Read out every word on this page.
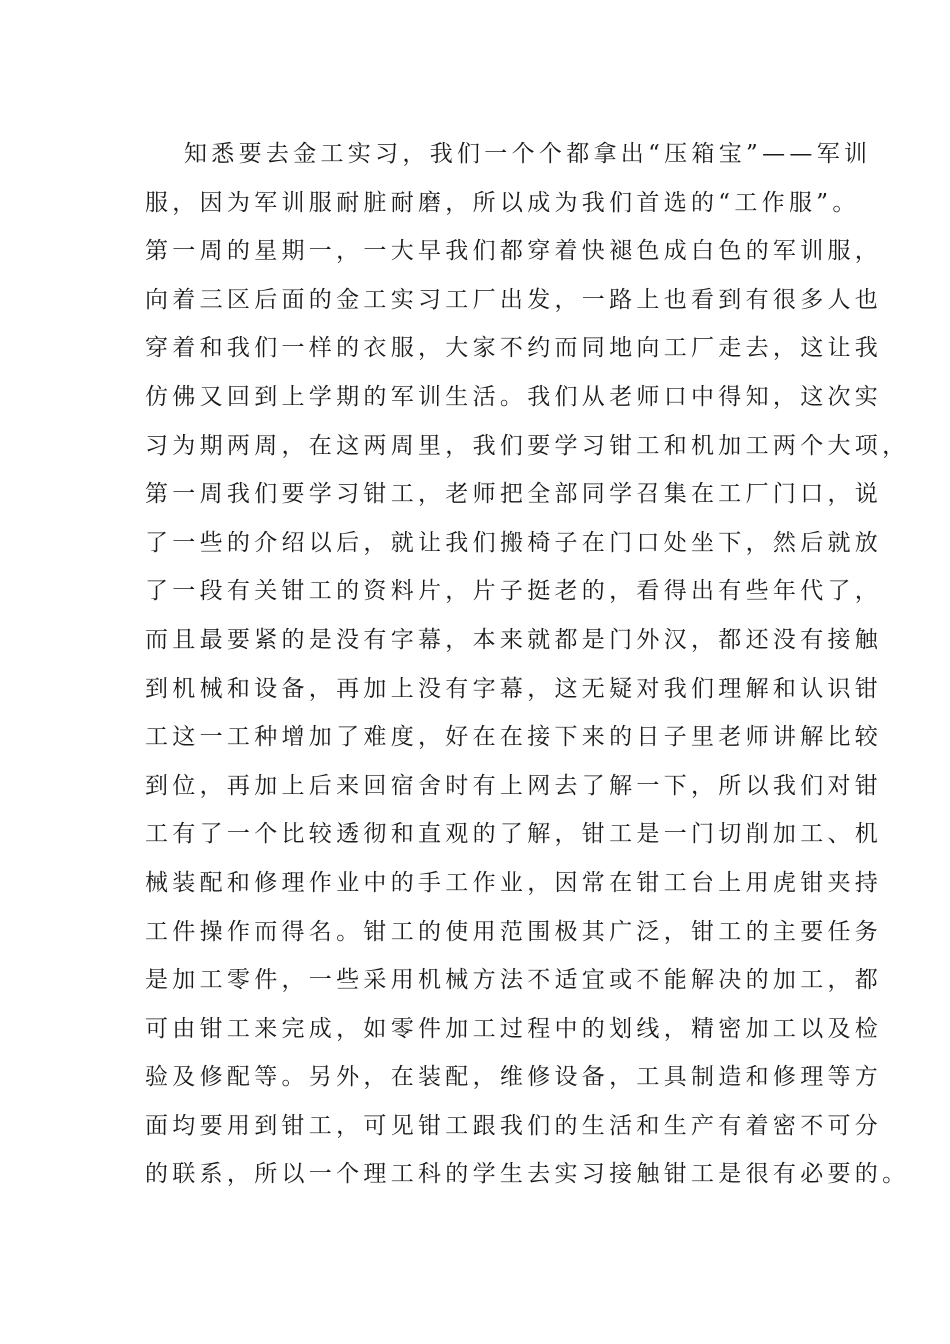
知悉要去金工实习，我们一个个都拿出“压箱宝”——军训
服，因为军训服耐脏耐磨，所以成为我们首选的“工作服”。
第一周的星期一，一大早我们都穿着快褪色成白色的军训服，
向着三区后面的金工实习工厂出发，一路上也看到有很多人也
穿着和我们一样的衣服，大家不约而同地向工厂走去，这让我
仿佛又回到上学期的军训生活。我们从老师口中得知，这次实
习为期两周，在这两周里，我们要学习钳工和机加工两个大项，
第一周我们要学习钳工，老师把全部同学召集在工厂门口，说
了一些的介绍以后，就让我们搬椅子在门口处坐下，然后就放
了一段有关钳工的资料片，片子挺老的，看得出有些年代了，
而且最要紧的是没有字幕，本来就都是门外汉，都还没有接触
到机械和设备，再加上没有字幕，这无疑对我们理解和认识钳
工这一工种增加了难度，好在在接下来的日子里老师讲解比较
到位，再加上后来回宿舍时有上网去了解一下，所以我们对钳
工有了一个比较透彻和直观的了解，钳工是一门切削加工、机
械装配和修理作业中的手工作业，因常在钳工台上用虎钳夹持
工件操作而得名。钳工的使用范围极其广泛，钳工的主要任务
是加工零件，一些采用机械方法不适宜或不能解决的加工，都
可由钳工来完成，如零件加工过程中的划线，精密加工以及检
验及修配等。另外，在装配，维修设备，工具制造和修理等方
面均要用到钳工，可见钳工跟我们的生活和生产有着密不可分
的联系，所以一个理工科的学生去实习接触钳工是很有必要的。
